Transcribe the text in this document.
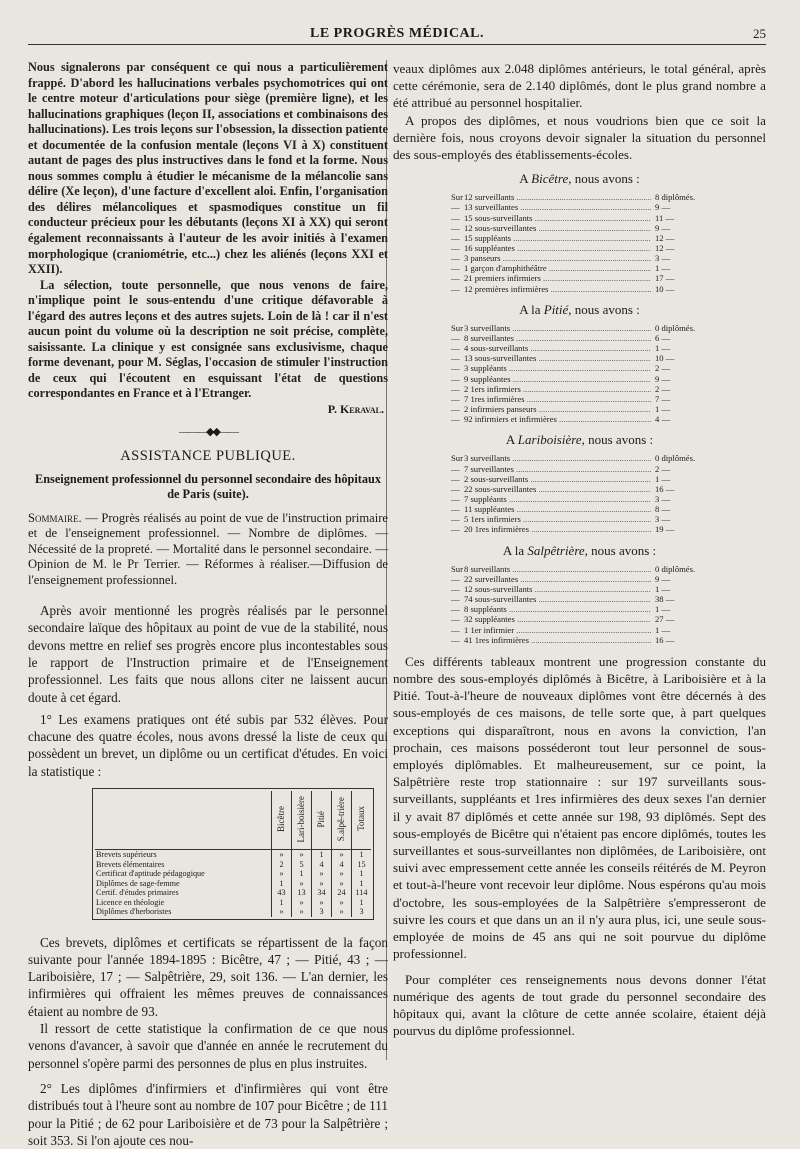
LE PROGRÈS MÉDICAL.	25

Nous signalerons par conséquent ce qui nous a particulièrement frappé. D'abord les hallucinations verbales psychomotrices qui ont le centre moteur d'articulations pour siège (première ligne), et les hallucinations graphiques (leçon II, associations et combinaisons des hallucinations). Les trois leçons sur l'obsession, la dissection patiente et documentée de la confusion mentale (leçons VI à X) constituent autant de pages des plus instructives dans le fond et la forme. Nous nous sommes complu à étudier le mécanisme de la mélancolie sans délire (Xe leçon), d'une facture d'excellent aloi. Enfin, l'organisation des délires mélancoliques et spasmodiques constitue un fil conducteur précieux pour les débutants (leçons XI à XX) qui seront également reconnaissants à l'auteur de les avoir initiés à l'examen morphologique (craniométrie, etc...) chez les aliénés (leçons XXI et XXII).

La sélection, toute personnelle, que nous venons de faire, n'implique point le sous-entendu d'une critique défavorable à l'égard des autres leçons et des autres sujets. Loin de là ! car il n'est aucun point du volume où la description ne soit précise, complète, saisissante. La clinique y est consignée sans exclusivisme, chaque forme devenant, pour M. Séglas, l'occasion de stimuler l'instruction de ceux qui l'écoutent en esquissant l'état de questions correspondantes en France et à l'Etranger.

P. Keraval.
———◆◆——
ASSISTANCE PUBLIQUE.
Enseignement professionnel du personnel secondaire des hôpitaux de Paris (suite).

Sommaire. — Progrès réalisés au point de vue de l'instruction primaire et de l'enseignement professionnel. — Nombre de diplômes. — Nécessité de la propreté. — Mortalité dans le personnel secondaire. — Opinion de M. le Pr Terrier. — Réformes à réaliser.—Diffusion de l'enseignement professionnel.

Après avoir mentionné les progrès réalisés par le personnel secondaire laïque des hôpitaux au point de vue de la stabilité, nous devons mettre en relief ses progrès encore plus incontestables sous le rapport de l'Instruction primaire et de l'Enseignement professionnel. Les faits que nous allons citer ne laissent aucun doute à cet égard.

1° Les examens pratiques ont été subis par 532 élèves. Pour chacune des quatre écoles, nous avons dressé la liste de ceux qui possèdent un brevet, un diplôme ou un certificat d'études. En voici la statistique :

	Bicêtre	Lari-boisière	Pitié	S.alpê-trière	Totaux
Brevets supérieurs	»	»	1	»	1
Brevets élémentaires	2	5	4	4	15
Certificat d'aptitude pédagogique	»	1	»	»	1
Diplômes de sage-femme	1	»	»	»	1
Certif. d'études primaires	43	13	34	24	114
Licence en théologie	1	»	»	»	1
Diplômes d'herboristes	»	»	3	»	3

Ces brevets, diplômes et certificats se répartissent de la façon suivante pour l'année 1894-1895 : Bicêtre, 47 ; — Pitié, 43 ; — Lariboisière, 17 ; — Salpêtrière, 29, soit 136. — L'an dernier, les infirmières qui offraient les mêmes preuves de connaissances étaient au nombre de 93.

Il ressort de cette statistique la confirmation de ce que nous venons d'avancer, à savoir que d'année en année le recrutement du personnel s'opère parmi des personnes de plus en plus instruites.

2° Les diplômes d'infirmiers et d'infirmières qui vont être distribués tout à l'heure sont au nombre de 107 pour Bicêtre ; de 111 pour la Pitié ; de 62 pour Lariboisière et de 73 pour la Salpêtrière ; soit 353. Si l'on ajoute ces nou-

veaux diplômes aux 2.048 diplômes antérieurs, le total général, après cette cérémonie, sera de 2.140 diplômés, dont le plus grand nombre a été attribué au personnel hospitalier.

A propos des diplômes, et nous voudrions bien que ce soit la dernière fois, nous croyons devoir signaler la situation du personnel des sous-employés des établissements-écoles.

A Bicêtre, nous avons :
Sur 12 surveillants .....	8 diplômés.
— 13 surveillantes .....	9 —
— 15 sous-surveillants .....	11 —
— 12 sous-surveillantes .....	9 —
— 15 suppléants .....	12 —
— 16 suppléantes .....	12 —
— 3 panseurs .....	3 —
— 1 garçon d'amphithéâtre .....	1 —
— 21 premiers infirmiers .....	17 —
— 12 premières infirmières .....	10 —
A la Pitié, nous avons :
Sur 3 surveillants .....	0 diplômés.
— 8 surveillantes .....	6 —
— 4 sous-surveillants .....	1 —
— 13 sous-surveillantes .....	10 —
— 3 suppléants .....	2 —
— 9 suppléantes .....	9 —
— 2 1ers infirmiers .....	2 —
— 7 1res infirmières .....	7 —
— 2 infirmiers panseurs .....	1 —
— 92 infirmiers et infirmières .....	4 —
A Lariboisière, nous avons :
Sur 3 surveillants .....	0 diplômés.
— 7 surveillantes .....	2 —
— 2 sous-surveillants .....	1 —
— 22 sous-surveillantes .....	16 —
— 7 suppléants .....	3 —
— 11 suppléantes .....	8 —
— 5 1ers infirmiers .....	3 —
— 20 1res infirmières .....	19 —
A la Salpêtrière, nous avons :
Sur 8 surveillants .....	0 diplômés.
— 22 surveillantes .....	9 —
— 12 sous-surveillants .....	1 —
— 74 sous-surveillantes .....	38 —
— 8 suppléants .....	1 —
— 32 suppléantes .....	27 —
— 1 1er infirmier .....	1 —
— 41 1res infirmières .....	16 —

Ces différents tableaux montrent une progression constante du nombre des sous-employés diplômés à Bicêtre, à Lariboisière et à la Pitié. Tout-à-l'heure de nouveaux diplômes vont être décernés à des sous-employés de ces maisons, de telle sorte que, à part quelques exceptions qui disparaîtront, nous en avons la conviction, l'an prochain, ces maisons posséderont tout leur personnel de sous-employés diplômables. Et malheureusement, sur ce point, la Salpêtrière reste trop stationnaire : sur 197 surveillants sous-surveillants, suppléants et 1res infirmières des deux sexes l'an dernier il y avait 87 diplômés et cette année sur 198, 93 diplômés. Sept des sous-employés de Bicêtre qui n'étaient pas encore diplômés, toutes les surveillantes et sous-surveillantes non diplômées, de Lariboisière, ont suivi avec empressement cette année les conseils réitérés de M. Peyron et tout-à-l'heure vont recevoir leur diplôme. Nous espérons qu'au mois d'octobre, les sous-employées de la Salpêtrière s'empresseront de suivre les cours et que dans un an il n'y aura plus, ici, une seule sous-employée de moins de 45 ans qui ne soit pourvue du diplôme professionnel.

Pour compléter ces renseignements nous devons donner l'état numérique des agents de tout grade du personnel secondaire des hôpitaux qui, avant la clôture de cette année scolaire, étaient déjà pourvus du diplôme professionnel.
